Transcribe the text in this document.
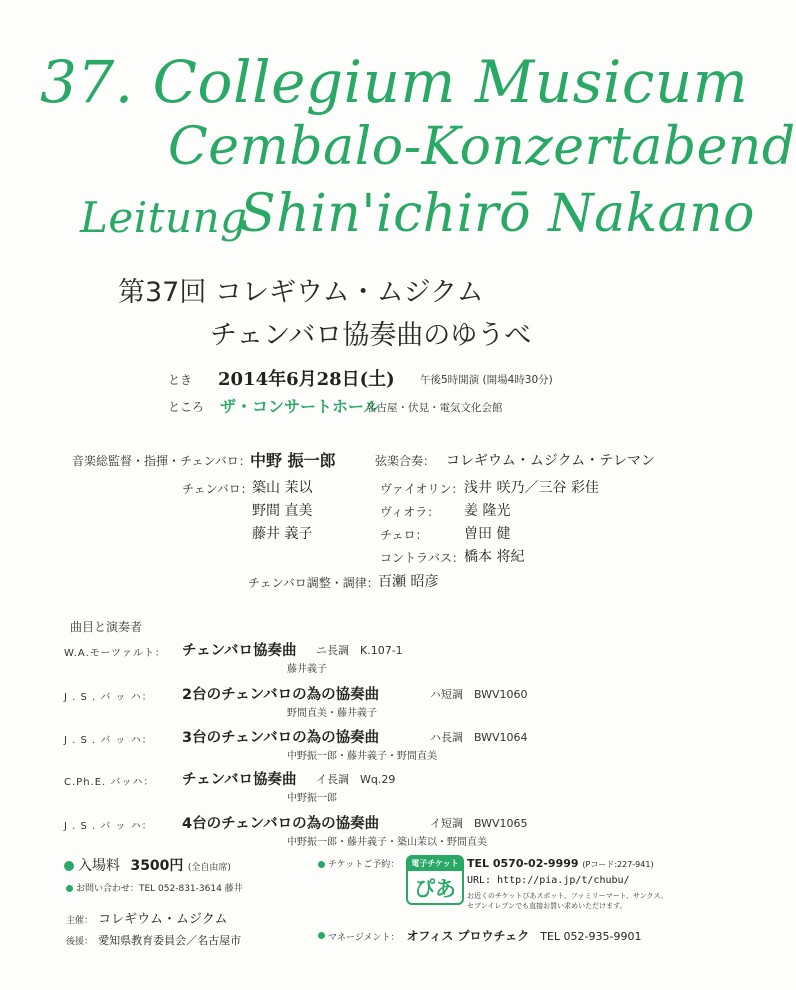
37. Collegium Musicum
Cembalo-Konzertabend
Leitung
Shin'ichirō Nakano
第37回 コレギウム・ムジクム
チェンバロ協奏曲のゆうべ
とき 2014年6月28日(土) 午後5時開演 (開場4時30分)
ところ ザ・コンサートホール
名古屋・伏見・電気文化会館
音楽総監督・指揮・チェンバロ： 中野 振一郎	弦楽合奏： コレギウム・ムジクム・テレマン
チェンバロ： 築山 茉以
野間 直美
藤井 義子
ヴァイオリン： 浅井 咲乃／三谷 彩佳
ヴィオラ： 姜 隆光
チェロ：	曽田 健
コントラバス： 橋本 将紀
チェンバロ調整・調律： 百瀬 昭彦
曲目と演奏者
W.A.モーツァルト： チェンバロ協奏曲 ニ長調　K.107-1
藤井義子
J . S . バ ッ ハ： 2台のチェンバロの為の協奏曲	ハ短調　BWV1060
野間直美・藤井義子
J . S . バ ッ ハ： 3台のチェンバロの為の協奏曲	ハ長調　BWV1064
中野振一郎・藤井義子・野間直美
C.Ph.E. バッハ： チェンバロ協奏曲 イ長調　Wq.29
中野振一郎
J . S . バ ッ ハ： 4台のチェンバロの為の協奏曲	イ短調　BWV1065
中野振一郎・藤井義子・築山茉以・野間直美
入場料 3500円 (全自由席)
お問い合わせ：TEL 052-831-3614 藤井
主催： コレギウム・ムジクム
後援： 愛知県教育委員会／名古屋市
チケットご予約：	電子チケット
ぴあ
TEL 0570-02-9999 (Pコード:227-941)
URL: http://pia.jp/t/chubu/
お近くのチケットぴあスポット、ファミリーマート、サンクス、
セブンイレブンでも直接お買い求めいただけます。
マネージメント： オフィス プロウチェク TEL 052-935-9901
